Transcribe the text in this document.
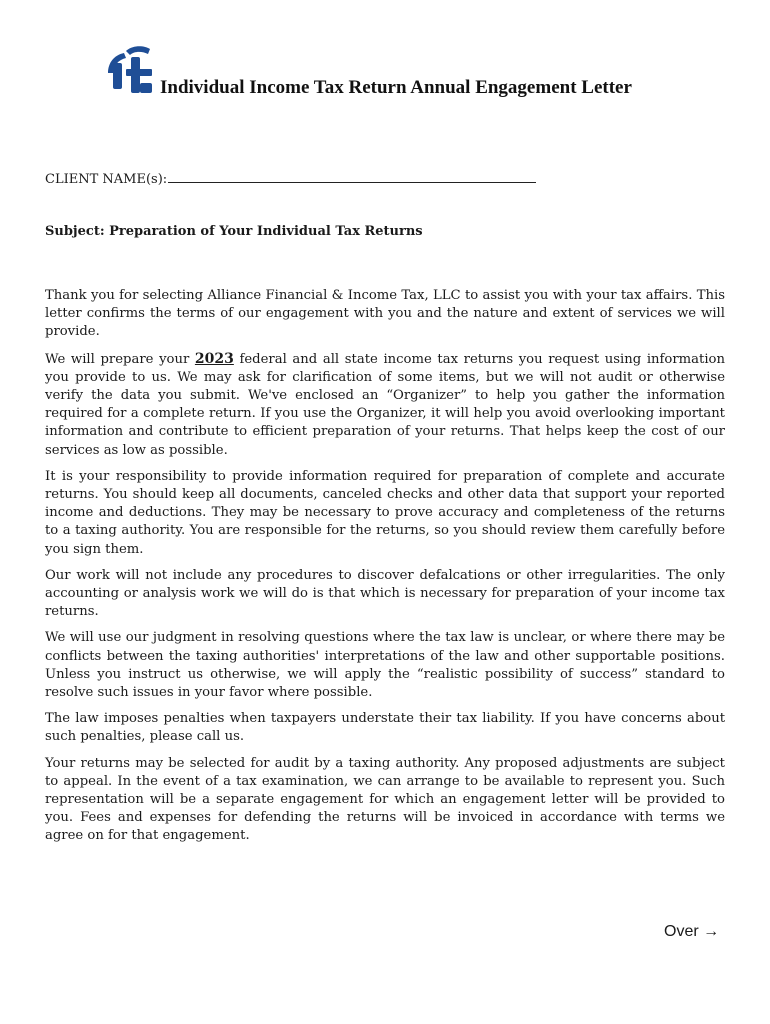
Individual Income Tax Return Annual Engagement Letter
CLIENT NAME(s):
Subject: Preparation of Your Individual Tax Returns

Thank you for selecting Alliance Financial & Income Tax, LLC to assist you with your tax affairs. This letter confirms the terms of our engagement with you and the nature and extent of services we will provide.

We will prepare your 2023 federal and all state income tax returns you request using information you provide to us. We may ask for clarification of some items, but we will not audit or otherwise verify the data you submit. We've enclosed an “Organizer” to help you gather the information required for a complete return. If you use the Organizer, it will help you avoid overlooking important information and contribute to efficient preparation of your returns. That helps keep the cost of our services as low as possible.

It is your responsibility to provide information required for preparation of complete and accurate returns. You should keep all documents, canceled checks and other data that support your reported income and deductions. They may be necessary to prove accuracy and completeness of the returns to a taxing authority. You are responsible for the returns, so you should review them carefully before you sign them.

Our work will not include any procedures to discover defalcations or other irregularities. The only accounting or analysis work we will do is that which is necessary for preparation of your income tax returns.

We will use our judgment in resolving questions where the tax law is unclear, or where there may be conflicts between the taxing authorities' interpretations of the law and other supportable positions. Unless you instruct us otherwise, we will apply the “realistic possibility of success” standard to resolve such issues in your favor where possible.

The law imposes penalties when taxpayers understate their tax liability. If you have concerns about such penalties, please call us.

Your returns may be selected for audit by a taxing authority. Any proposed adjustments are subject to appeal. In the event of a tax examination, we can arrange to be available to represent you. Such representation will be a separate engagement for which an engagement letter will be provided to you. Fees and expenses for defending the returns will be invoiced in accordance with terms we agree on for that engagement.

Over →
